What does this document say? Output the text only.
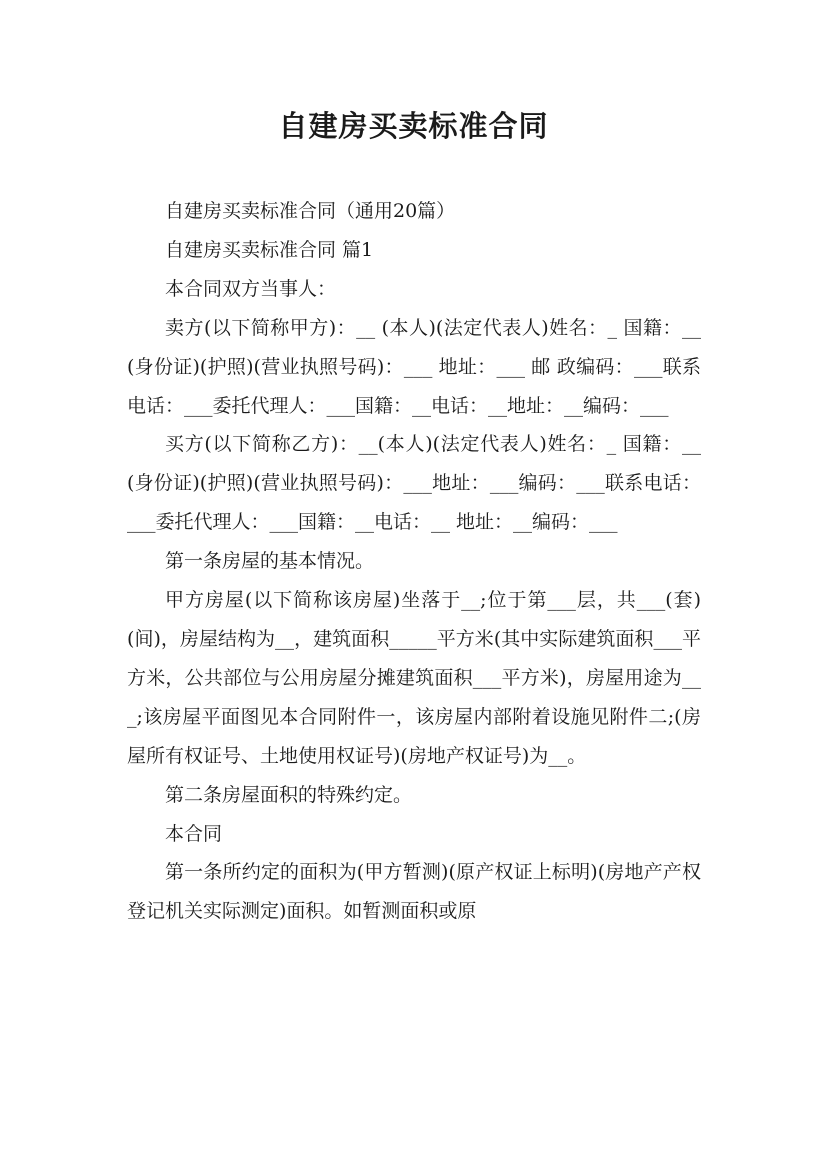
自建房买卖标准合同

自建房买卖标准合同（通用20篇）

自建房买卖标准合同 篇1

本合同双方当事人：

卖方(以下简称甲方)：__ (本人)(法定代表人)姓名：_ 国籍：__ (身份证)(护照)(营业执照号码)：___ 地址：___ 邮 政编码：___联系电话：___委托代理人：___国籍：__电话：__地址：__编码：___

买方(以下简称乙方)：__(本人)(法定代表人)姓名：_ 国籍：__(身份证)(护照)(营业执照号码)：___地址：___编码：___联系电话：___委托代理人：___国籍：__电话：__ 地址：__编码：___

第一条房屋的基本情况。

甲方房屋(以下简称该房屋)坐落于__;位于第___层，共___(套)(间)，房屋结构为__，建筑面积_____平方米(其中实际建筑面积___平方米，公共部位与公用房屋分摊建筑面积___平方米)，房屋用途为___;该房屋平面图见本合同附件一，该房屋内部附着设施见附件二;(房屋所有权证号、土地使用权证号)(房地产权证号)为__。

第二条房屋面积的特殊约定。

本合同

第一条所约定的面积为(甲方暂测)(原产权证上标明)(房地产产权登记机关实际测定)面积。如暂测面积或原
